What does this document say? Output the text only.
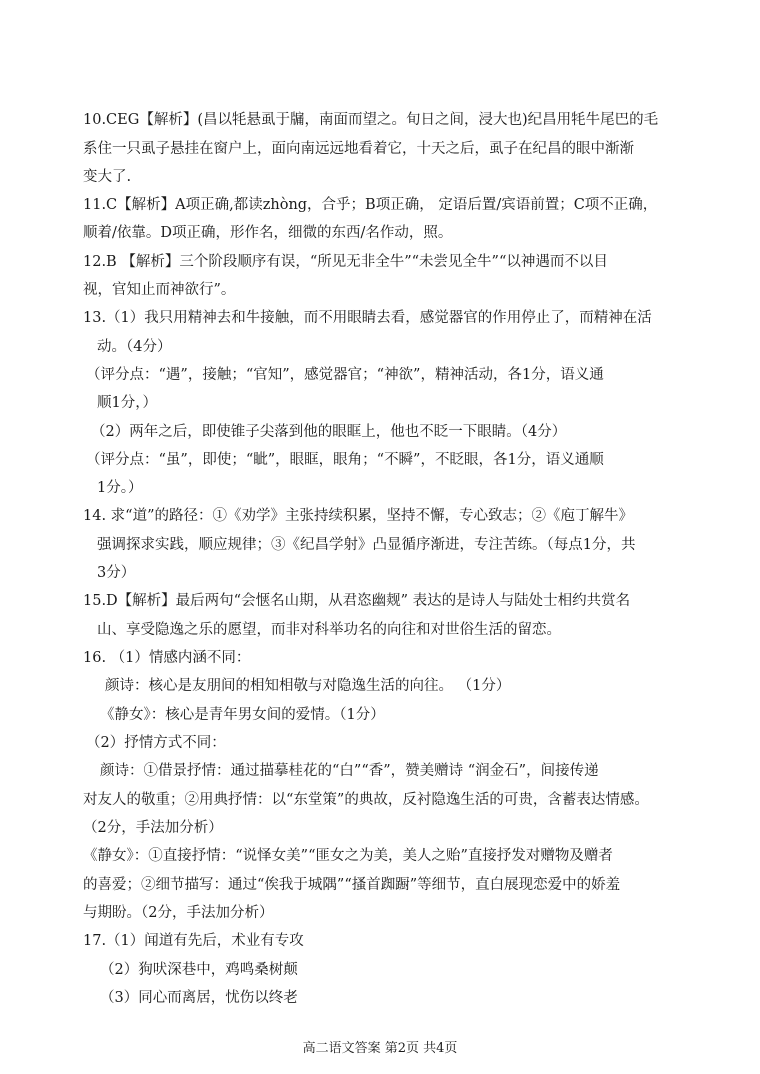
10.CEG【解析】(昌以牦悬虱于牖，南面而望之。旬日之间，浸大也)纪昌用牦牛尾巴的毛
系住一只虱子悬挂在窗户上，面向南远远地看着它，十天之后，虱子在纪昌的眼中渐渐
变大了.
11.C【解析】A项正确,都读zhòng，合乎；B项正确， 定语后置/宾语前置；C项不正确，
顺着/依靠。D项正确，形作名，细微的东西/名作动，照。
12.B 【解析】三个阶段顺序有误，“所见无非全牛”“未尝见全牛”“以神遇而不以目
视，官知止而神欲行”。
13.（1）我只用精神去和牛接触，而不用眼睛去看，感觉器官的作用停止了，而精神在活
动。（4分）
（评分点：“遇”，接触；“官知”，感觉器官；“神欲”，精神活动，各1分，语义通
顺1分，）
（2）两年之后，即使锥子尖落到他的眼眶上，他也不眨一下眼睛。（4分）
（评分点：“虽”，即使；“眦”，眼眶，眼角；“不瞬”，不眨眼，各1分，语义通顺
1分。）
14. 求“道”的路径：①《劝学》主张持续积累，坚持不懈，专心致志；②《庖丁解牛》
强调探求实践，顺应规律；③《纪昌学射》凸显循序渐进，专注苦练。（每点1分，共
3分）
15.D【解析】最后两句“会惬名山期，从君恣幽觌” 表达的是诗人与陆处士相约共赏名
山、享受隐逸之乐的愿望，而非对科举功名的向往和对世俗生活的留恋。
16. （1）情感内涵不同：
颜诗：核心是友朋间的相知相敬与对隐逸生活的向往。 （1分）
《静女》：核心是青年男女间的爱情。（1分）
（2）抒情方式不同：
颜诗：①借景抒情：通过描摹桂花的“白”“香”，赞美赠诗 “润金石”，间接传递
对友人的敬重；②用典抒情：以“东堂策”的典故，反衬隐逸生活的可贵，含蓄表达情感。
（2分，手法加分析）
《静女》：①直接抒情：“说怿女美”“匪女之为美，美人之贻”直接抒发对赠物及赠者
的喜爱；②细节描写：通过“俟我于城隅”“搔首踟蹰”等细节，直白展现恋爱中的娇羞
与期盼。（2分，手法加分析）
17.（1）闻道有先后，术业有专攻
（2）狗吠深巷中，鸡鸣桑树颠
（3）同心而离居，忧伤以终老
高二语文答案 第2页 共4页
